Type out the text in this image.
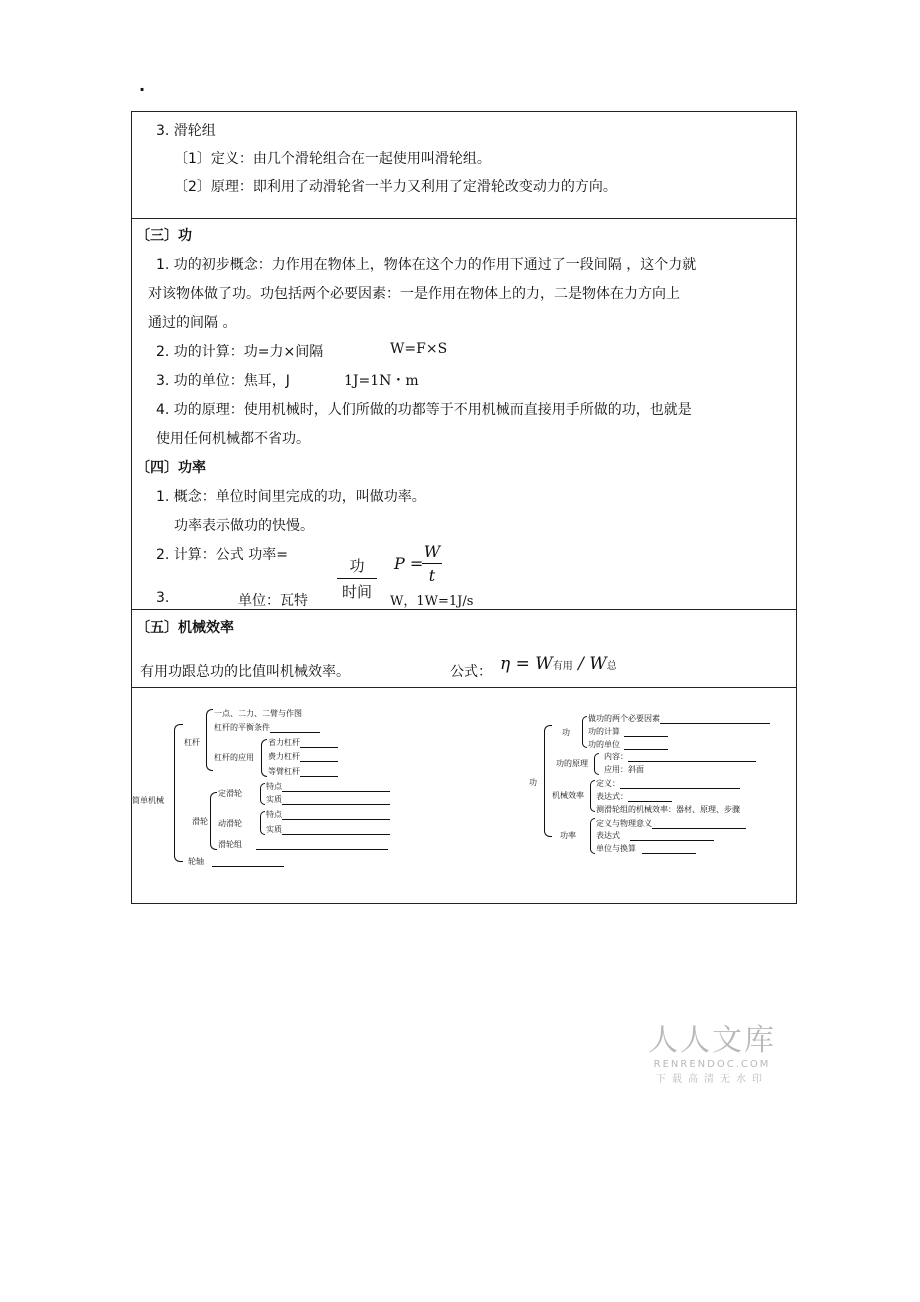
.
3. 滑轮组
〔1〕定义：由几个滑轮组合在一起使用叫滑轮组。
〔2〕原理：即利用了动滑轮省一半力又利用了定滑轮改变动力的方向。
〔三〕功
1. 功的初步概念：力作用在物体上，物体在这个力的作用下通过了一段间隔 ，这个力就
对该物体做了功。功包括两个必要因素：一是作用在物体上的力，二是物体在力方向上
通过的间隔 。
2. 功的计算：功=力×间隔	W=F×S
3. 功的单位：焦耳，J	1J=1N・m
4. 功的原理：使用机械时，人们所做的功都等于不用机械而直接用手所做的功，也就是
使用任何机械都不省功。
〔四〕功率
1. 概念：单位时间里完成的功，叫做功率。
功率表示做功的快慢。
2. 计算：公式 功率=
功
时间
P =
W
t
3.	单位：瓦特	W，1W=1J/s
〔五〕机械效率
有用功跟总功的比值叫机械效率。	公式： η = W有用 / W总
简单机械
杠杆
一点、二力、二臂与作图
杠杆的平衡条件
杠杆的应用
省力杠杆
费力杠杆
等臂杠杆
滑轮
定滑轮
特点
实质
动滑轮
特点
实质
滑轮组
轮轴
功
功
做功的两个必要因素
功的计算
功的单位
功的原理
内容：
应用：斜面
机械效率
定义：
表达式：
测滑轮组的机械效率：器材、原理、步骤
功率
定义与物理意义
表达式
单位与换算
人人文库
RENRENDOC.COM
下载高清无水印
